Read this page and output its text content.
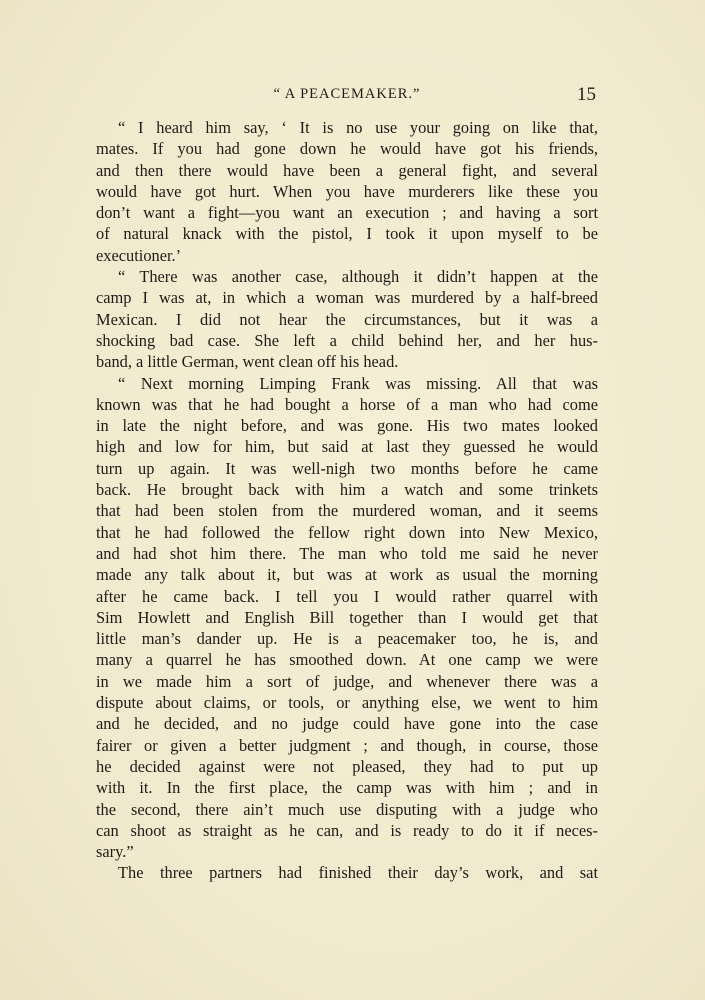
“ A PEACEMAKER.”	15
“ I heard him say, ‘ It is no use your going on like that,
mates. If you had gone down he would have got his friends,
and then there would have been a general fight, and several
would have got hurt. When you have murderers like these you
don’t want a fight—you want an execution ; and having a sort
of natural knack with the pistol, I took it upon myself to be
executioner.’
“ There was another case, although it didn’t happen at the
camp I was at, in which a woman was murdered by a half-breed
Mexican. I did not hear the circumstances, but it was a
shocking bad case. She left a child behind her, and her hus-
band, a little German, went clean off his head.
“ Next morning Limping Frank was missing. All that was
known was that he had bought a horse of a man who had come
in late the night before, and was gone. His two mates looked
high and low for him, but said at last they guessed he would
turn up again. It was well-nigh two months before he came
back. He brought back with him a watch and some trinkets
that had been stolen from the murdered woman, and it seems
that he had followed the fellow right down into New Mexico,
and had shot him there. The man who told me said he never
made any talk about it, but was at work as usual the morning
after he came back. I tell you I would rather quarrel with
Sim Howlett and English Bill together than I would get that
little man’s dander up. He is a peacemaker too, he is, and
many a quarrel he has smoothed down. At one camp we were
in we made him a sort of judge, and whenever there was a
dispute about claims, or tools, or anything else, we went to him
and he decided, and no judge could have gone into the case
fairer or given a better judgment ; and though, in course, those
he decided against were not pleased, they had to put up
with it. In the first place, the camp was with him ; and in
the second, there ain’t much use disputing with a judge who
can shoot as straight as he can, and is ready to do it if neces-
sary.”
The three partners had finished their day’s work, and sat
